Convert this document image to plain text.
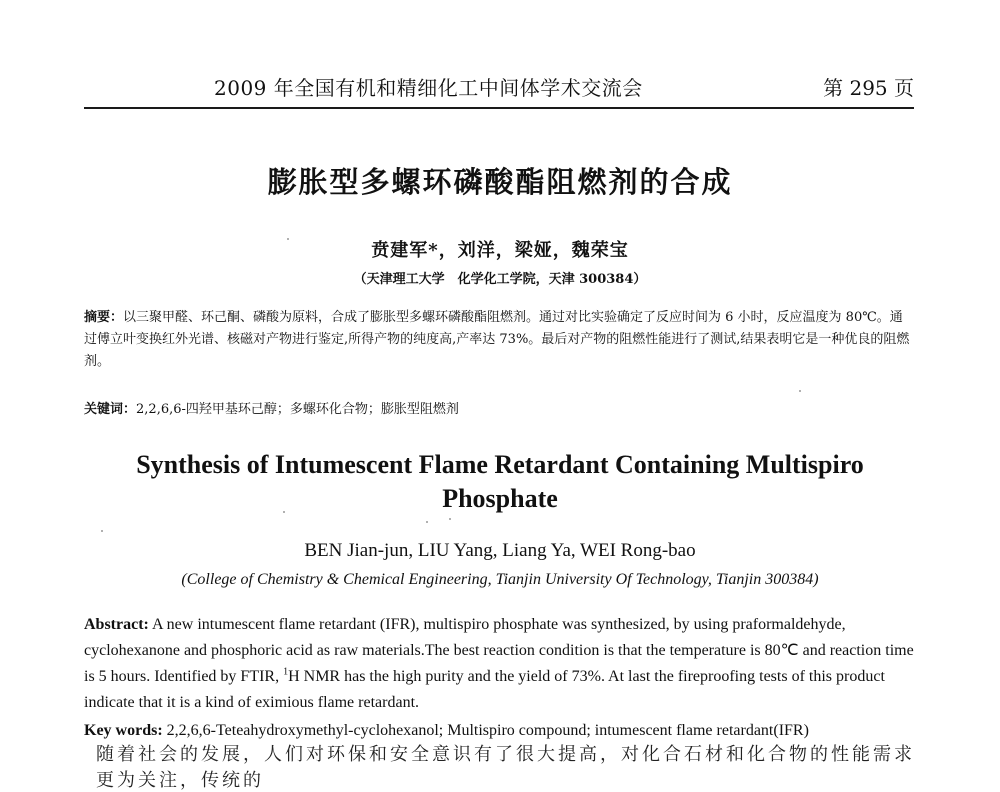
2009 年全国有机和精细化工中间体学术交流会	第 295 页
膨胀型多螺环磷酸酯阻燃剂的合成
贲建军*，刘洋，梁娅，魏荣宝
（天津理工大学　化学化工学院，天津 300384）
摘要：以三聚甲醛、环己酮、磷酸为原料，合成了膨胀型多螺环磷酸酯阻燃剂。通过对比实验确定了反应时间为 6 小时，反应温度为 80℃。通过傅立叶变换红外光谱、核磁对产物进行鉴定,所得产物的纯度高,产率达 73%。最后对产物的阻燃性能进行了测试,结果表明它是一种优良的阻燃剂。
关键词：2,2,6,6-四羟甲基环己醇；多螺环化合物；膨胀型阻燃剂
Synthesis of Intumescent Flame Retardant Containing Multispiro Phosphate
BEN Jian-jun, LIU Yang, Liang Ya, WEI Rong-bao
(College of Chemistry & Chemical Engineering, Tianjin University Of Technology, Tianjin 300384)
Abstract: A new intumescent flame retardant (IFR), multispiro phosphate was synthesized, by using praformaldehyde, cyclohexanone and phosphoric acid as raw materials.The best reaction condition is that the temperature is 80℃ and reaction time is 5 hours. Identified by FTIR, $^1$H NMR has the high purity and the yield of 73%. At last the fireproofing tests of this product indicate that it is a kind of eximious flame retardant.
Key words: 2,2,6,6-Teteahydroxymethyl-cyclohexanol; Multispiro compound; intumescent flame retardant(IFR)
随着社会的发展，人们对环保和安全意识有了很大提高，对化合石材和化合物的性能需求更为关注，传统的
